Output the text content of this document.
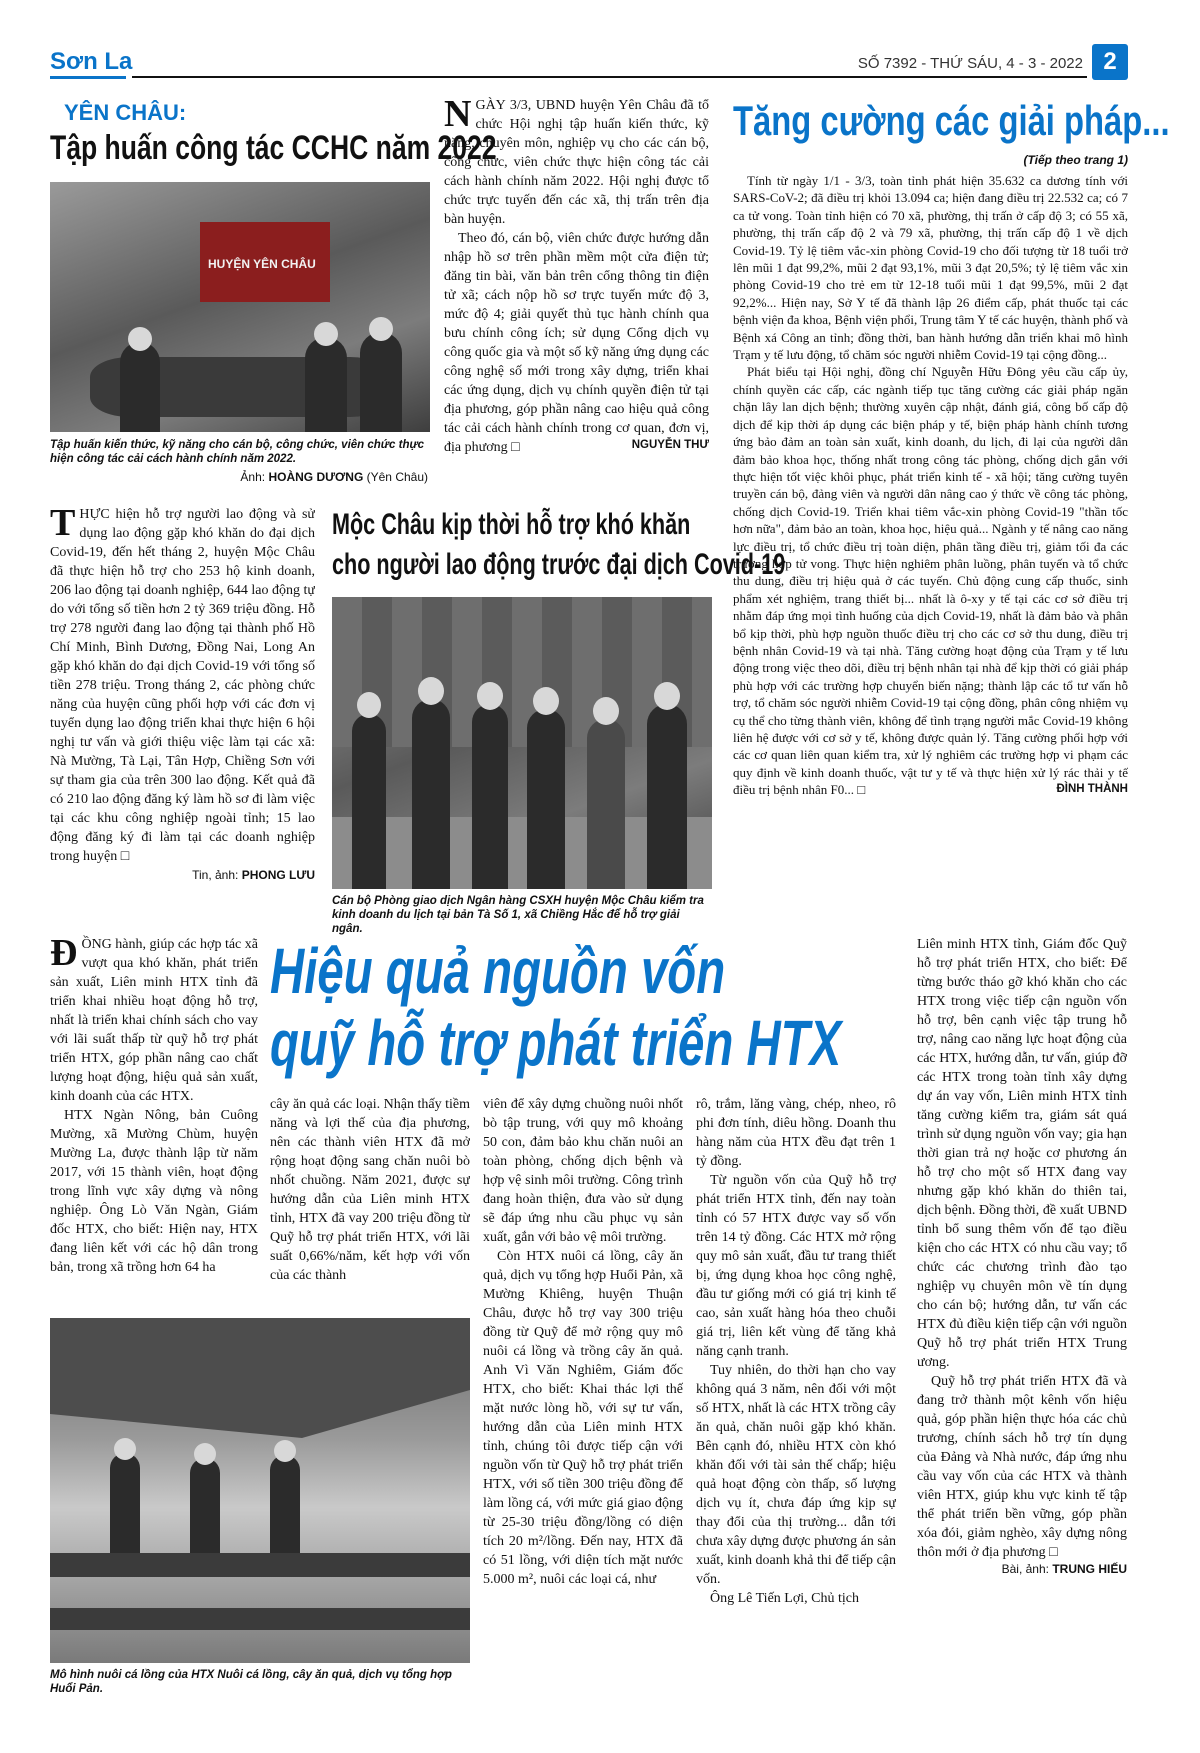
Sơn La	SỐ 7392 - THỨ SÁU, 4 - 3 - 2022 2
YÊN CHÂU:
Tập huấn công tác CCHC năm 2022
HUYỆN YÊN CHÂU
Tập huấn kiến thức, kỹ năng cho cán bộ, công chức, viên chức thực hiện công tác cải cách hành chính năm 2022.
Ảnh: HOÀNG DƯƠNG (Yên Châu)

NGÀY 3/3, UBND huyện Yên Châu đã tổ chức Hội nghị tập huấn kiến thức, kỹ năng, chuyên môn, nghiệp vụ cho các cán bộ, công chức, viên chức thực hiện công tác cải cách hành chính năm 2022. Hội nghị được tổ chức trực tuyến đến các xã, thị trấn trên địa bàn huyện.

Theo đó, cán bộ, viên chức được hướng dẫn nhập hồ sơ trên phần mềm một cửa điện tử; đăng tin bài, văn bản trên cổng thông tin điện tử xã; cách nộp hồ sơ trực tuyến mức độ 3, mức độ 4; giải quyết thủ tục hành chính qua bưu chính công ích; sử dụng Cổng dịch vụ công quốc gia và một số kỹ năng ứng dụng các công nghệ số mới trong xây dựng, triển khai các ứng dụng, dịch vụ chính quyền điện tử tại địa phương, góp phần nâng cao hiệu quả công tác cải cách hành chính trong cơ quan, đơn vị, địa phương □	NGUYỄN THƯ
Tăng cường các giải pháp...
(Tiếp theo trang 1)

Tính từ ngày 1/1 - 3/3, toàn tỉnh phát hiện 35.632 ca dương tính với SARS-CoV-2; đã điều trị khỏi 13.094 ca; hiện đang điều trị 22.532 ca; có 7 ca tử vong. Toàn tỉnh hiện có 70 xã, phường, thị trấn ở cấp độ 3; có 55 xã, phường, thị trấn cấp độ 2 và 79 xã, phường, thị trấn cấp độ 1 về dịch Covid-19. Tỷ lệ tiêm vắc-xin phòng Covid-19 cho đối tượng từ 18 tuổi trở lên mũi 1 đạt 99,2%, mũi 2 đạt 93,1%, mũi 3 đạt 20,5%; tỷ lệ tiêm vắc xin phòng Covid-19 cho trẻ em từ 12-18 tuổi mũi 1 đạt 99,5%, mũi 2 đạt 92,2%... Hiện nay, Sở Y tế đã thành lập 26 điểm cấp, phát thuốc tại các bệnh viện đa khoa, Bệnh viện phổi, Trung tâm Y tế các huyện, thành phố và Bệnh xá Công an tỉnh; đồng thời, ban hành hướng dẫn triển khai mô hình Trạm y tế lưu động, tổ chăm sóc người nhiễm Covid-19 tại cộng đồng...

Phát biểu tại Hội nghị, đồng chí Nguyễn Hữu Đông yêu cầu cấp ủy, chính quyền các cấp, các ngành tiếp tục tăng cường các giải pháp ngăn chặn lây lan dịch bệnh; thường xuyên cập nhật, đánh giá, công bố cấp độ dịch để kịp thời áp dụng các biện pháp y tế, biện pháp hành chính tương ứng bảo đảm an toàn sản xuất, kinh doanh, du lịch, đi lại của người dân đảm bảo khoa học, thống nhất trong công tác phòng, chống dịch gắn với thực hiện tốt việc khôi phục, phát triển kinh tế - xã hội; tăng cường tuyên truyền cán bộ, đảng viên và người dân nâng cao ý thức về công tác phòng, chống dịch Covid-19. Triển khai tiêm vắc-xin phòng Covid-19 "thần tốc hơn nữa", đảm bảo an toàn, khoa học, hiệu quả... Ngành y tế nâng cao năng lực điều trị, tổ chức điều trị toàn diện, phân tầng điều trị, giảm tối đa các trường hợp tử vong. Thực hiện nghiêm phân luồng, phân tuyến và tổ chức thu dung, điều trị hiệu quả ở các tuyến. Chủ động cung cấp thuốc, sinh phẩm xét nghiệm, trang thiết bị... nhất là ô-xy y tế tại các cơ sở điều trị nhằm đáp ứng mọi tình huống của dịch Covid-19, nhất là đảm bảo và phân bổ kịp thời, phù hợp nguồn thuốc điều trị cho các cơ sở thu dung, điều trị bệnh nhân Covid-19 và tại nhà. Tăng cường hoạt động của Trạm y tế lưu động trong việc theo dõi, điều trị bệnh nhân tại nhà để kịp thời có giải pháp phù hợp với các trường hợp chuyển biến nặng; thành lập các tổ tư vấn hỗ trợ, tổ chăm sóc người nhiễm Covid-19 tại cộng đồng, phân công nhiệm vụ cụ thể cho từng thành viên, không để tình trạng người mắc Covid-19 không liên hệ được với cơ sở y tế, không được quản lý. Tăng cường phối hợp với các cơ quan liên quan kiểm tra, xử lý nghiêm các trường hợp vi phạm các quy định về kinh doanh thuốc, vật tư y tế và thực hiện xử lý rác thải y tế điều trị bệnh nhân F0... □	ĐÌNH THÀNH

THỰC hiện hỗ trợ người lao động và sử dụng lao động gặp khó khăn do đại dịch Covid-19, đến hết tháng 2, huyện Mộc Châu đã thực hiện hỗ trợ cho 253 hộ kinh doanh, 206 lao động tại doanh nghiệp, 644 lao động tự do với tổng số tiền hơn 2 tỷ 369 triệu đồng. Hỗ trợ 278 người đang lao động tại thành phố Hồ Chí Minh, Bình Dương, Đồng Nai, Long An gặp khó khăn do đại dịch Covid-19 với tổng số tiền 278 triệu. Trong tháng 2, các phòng chức năng của huyện cũng phối hợp với các đơn vị tuyển dụng lao động triển khai thực hiện 6 hội nghị tư vấn và giới thiệu việc làm tại các xã: Nà Mường, Tà Lại, Tân Hợp, Chiềng Sơn với sự tham gia của trên 300 lao động. Kết quả đã có 210 lao động đăng ký làm hồ sơ đi làm việc tại các khu công nghiệp ngoài tỉnh; 15 lao động đăng ký đi làm tại các doanh nghiệp trong huyện □

Tin, ảnh: PHONG LƯU
Mộc Châu kịp thời hỗ trợ khó khăn
cho người lao động trước đại dịch Covid-19
Cán bộ Phòng giao dịch Ngân hàng CSXH huyện Mộc Châu kiểm tra kinh doanh du lịch tại bản Tà Số 1, xã Chiềng Hắc để hỗ trợ giải ngân.
Hiệu quả nguồn vốn
quỹ hỗ trợ phát triển HTX

ĐỒNG hành, giúp các hợp tác xã vượt qua khó khăn, phát triển sản xuất, Liên minh HTX tỉnh đã triển khai nhiều hoạt động hỗ trợ, nhất là triển khai chính sách cho vay với lãi suất thấp từ quỹ hỗ trợ phát triển HTX, góp phần nâng cao chất lượng hoạt động, hiệu quả sản xuất, kinh doanh của các HTX.

HTX Ngàn Nông, bản Cuông Mường, xã Mường Chùm, huyện Mường La, được thành lập từ năm 2017, với 15 thành viên, hoạt động trong lĩnh vực xây dựng và nông nghiệp. Ông Lò Văn Ngàn, Giám đốc HTX, cho biết: Hiện nay, HTX đang liên kết với các hộ dân trong bản, trong xã trồng hơn 64 ha

cây ăn quả các loại. Nhận thấy tiềm năng và lợi thế của địa phương, nên các thành viên HTX đã mở rộng hoạt động sang chăn nuôi bò nhốt chuồng. Năm 2021, được sự hướng dẫn của Liên minh HTX tỉnh, HTX đã vay 200 triệu đồng từ Quỹ hỗ trợ phát triển HTX, với lãi suất 0,66%/năm, kết hợp với vốn của các thành

viên để xây dựng chuồng nuôi nhốt bò tập trung, với quy mô khoảng 50 con, đảm bảo khu chăn nuôi an toàn phòng, chống dịch bệnh và hợp vệ sinh môi trường. Công trình đang hoàn thiện, đưa vào sử dụng sẽ đáp ứng nhu cầu phục vụ sản xuất, gắn với bảo vệ môi trường.

Còn HTX nuôi cá lồng, cây ăn quả, dịch vụ tổng hợp Huổi Pản, xã Mường Khiêng, huyện Thuận Châu, được hỗ trợ vay 300 triệu đồng từ Quỹ để mở rộng quy mô nuôi cá lồng và trồng cây ăn quả. Anh Vì Văn Nghiêm, Giám đốc HTX, cho biết: Khai thác lợi thế mặt nước lòng hồ, với sự tư vấn, hướng dẫn của Liên minh HTX tỉnh, chúng tôi được tiếp cận với nguồn vốn từ Quỹ hỗ trợ phát triển HTX, với số tiền 300 triệu đồng để làm lồng cá, với mức giá giao động từ 25-30 triệu đồng/lồng có diện tích 20 m²/lồng. Đến nay, HTX đã có 51 lồng, với diện tích mặt nước 5.000 m², nuôi các loại cá, như

rô, trắm, lăng vàng, chép, nheo, rô phi đơn tính, diêu hồng. Doanh thu hàng năm của HTX đều đạt trên 1 tỷ đồng.

Từ nguồn vốn của Quỹ hỗ trợ phát triển HTX tỉnh, đến nay toàn tỉnh có 57 HTX được vay số vốn trên 14 tỷ đồng. Các HTX mở rộng quy mô sản xuất, đầu tư trang thiết bị, ứng dụng khoa học công nghệ, đầu tư giống mới có giá trị kinh tế cao, sản xuất hàng hóa theo chuỗi giá trị, liên kết vùng để tăng khả năng cạnh tranh.

Tuy nhiên, do thời hạn cho vay không quá 3 năm, nên đối với một số HTX, nhất là các HTX trồng cây ăn quả, chăn nuôi gặp khó khăn. Bên cạnh đó, nhiều HTX còn khó khăn đối với tài sản thế chấp; hiệu quả hoạt động còn thấp, số lượng dịch vụ ít, chưa đáp ứng kịp sự thay đổi của thị trường... dẫn tới chưa xây dựng được phương án sản xuất, kinh doanh khả thi để tiếp cận vốn.

Ông Lê Tiến Lợi, Chủ tịch

Liên minh HTX tỉnh, Giám đốc Quỹ hỗ trợ phát triển HTX, cho biết: Để từng bước tháo gỡ khó khăn cho các HTX trong việc tiếp cận nguồn vốn hỗ trợ, bên cạnh việc tập trung hỗ trợ, nâng cao năng lực hoạt động của các HTX, hướng dẫn, tư vấn, giúp đỡ các HTX trong toàn tỉnh xây dựng dự án vay vốn, Liên minh HTX tỉnh tăng cường kiểm tra, giám sát quá trình sử dụng nguồn vốn vay; gia hạn thời gian trả nợ hoặc cơ phương án hỗ trợ cho một số HTX đang vay nhưng gặp khó khăn do thiên tai, dịch bệnh. Đồng thời, đề xuất UBND tỉnh bổ sung thêm vốn để tạo điều kiện cho các HTX có nhu cầu vay; tổ chức các chương trình đào tạo nghiệp vụ chuyên môn về tín dụng cho cán bộ; hướng dẫn, tư vấn các HTX đủ điều kiện tiếp cận với nguồn Quỹ hỗ trợ phát triển HTX Trung ương.

Quỹ hỗ trợ phát triển HTX đã và đang trở thành một kênh vốn hiệu quả, góp phần hiện thực hóa các chủ trương, chính sách hỗ trợ tín dụng của Đảng và Nhà nước, đáp ứng nhu cầu vay vốn của các HTX và thành viên HTX, giúp khu vực kinh tế tập thể phát triển bền vững, góp phần xóa đói, giảm nghèo, xây dựng nông thôn mới ở địa phương □

Bài, ảnh: TRUNG HIẾU
Mô hình nuôi cá lồng của HTX Nuôi cá lồng, cây ăn quả, dịch vụ tổng hợp Huổi Pản.
